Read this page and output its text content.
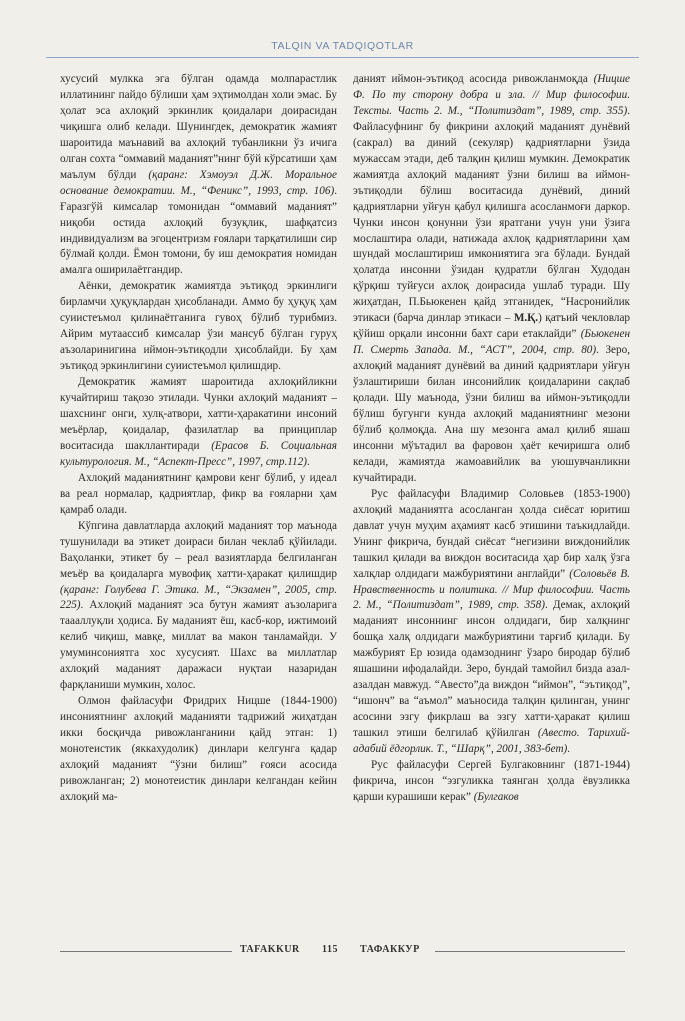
TALQIN VA TADQIQOTLAR

хусусий мулкка эга бўлган одамда молпарастлик иллатининг пайдо бўлиши ҳам эҳтимолдан холи эмас. Бу ҳолат эса ахлоқий эркинлик қоидалари доирасидан чиқишга олиб келади. Шунингдек, демократик жамият шароитида маънавий ва ахлоқий тубанликни ўз ичига олган сохта “оммавий маданият”нинг бўй кўрсатиши ҳам маълум бўлди (қаранг: Хэмоуэл Д.Ж. Моральное основание демократии. М., “Феникс”, 1993, стр. 106). Ғаразгўй кимсалар томонидан “оммавий маданият” ниқоби остида ахлоқий бузуқлик, шафқатсиз индивидуализм ва эгоцентризм ғоялари тарқатилиши сир бўлмай қолди. Ёмон томони, бу иш демократия номидан амалга оширилаётгандир.

Аёнки, демократик жамиятда эътиқод эркинлиги бирламчи ҳуқуқлардан ҳисобланади. Аммо бу ҳуқуқ ҳам суиистеъмол қилинаётганига гувоҳ бўлиб турибмиз. Айрим мутаассиб кимсалар ўзи мансуб бўлган гуруҳ аъзоларинигина иймон-эътиқодли ҳисоблайди. Бу ҳам эътиқод эркинлигини суиистеъмол қилишдир.

Демократик жамият шароитида ахлоқийликни кучайтириш тақозо этилади. Чунки ахлоқий маданият – шахснинг онги, хулқ-атвори, хатти-ҳаракатини инсоний меъёрлар, қоидалар, фазилатлар ва принциплар воситасида шакллантиради (Ерасов Б. Социальная культурология. М., “Аспект-Пресс”, 1997, стр.112).

Ахлоқий маданиятнинг қамрови кенг бўлиб, у идеал ва реал нормалар, қадриятлар, фикр ва ғояларни ҳам қамраб олади.

Кўпгина давлатларда ахлоқий маданият тор маънода тушунилади ва этикет доираси билан чеклаб қўйилади. Ваҳоланки, этикет бу – реал вазиятларда белгиланган меъёр ва қоидаларга мувофиқ хатти-ҳаракат қилишдир (қаранг: Голубева Г. Этика. М., “Экзамен”, 2005, стр. 225). Ахлоқий маданият эса бутун жамият аъзоларига таааллуқли ҳодиса. Бу маданият ёш, касб-кор, ижтимоий келиб чиқиш, мавқе, миллат ва макон танламайди. У умуминсониятга хос хусусият. Шахс ва миллатлар ахлоқий маданият даражаси нуқтаи назаридан фарқланиши мумкин, холос.

Олмон файласуфи Фридрих Ницше (1844-1900) инсониятнинг ахлоқий маданияти тадрижий жиҳатдан икки босқичда ривожланганини қайд этган: 1) монотеистик (яккахудолик) динлари келгунга қадар ахлоқий маданият “ўзни билиш” ғояси асосида ривожланган; 2) монотеистик динлари келгандан кейин ахлоқий ма-

даният иймон-эътиқод асосида ривожланмоқда (Ницше Ф. По ту сторону добра и зла. // Мир философии. Тексты. Часть 2. М., “Политиздат”, 1989, стр. 355). Файласуфнинг бу фикрини ахлоқий маданият дунёвий (сакрал) ва диний (секуляр) қадриятларни ўзида мужассам этади, деб талқин қилиш мумкин. Демократик жамиятда ахлоқий маданият ўзни билиш ва иймон-эътиқодли бўлиш воситасида дунёвий, диний қадриятларни уйғун қабул қилишга асосланмоғи даркор. Чунки инсон қонунни ўзи яратгани учун уни ўзига мослаштира олади, натижада ахлоқ қадриятларини ҳам шундай мослаштириш имкониятига эга бўлади. Бундай ҳолатда инсонни ўзидан қудратли бўлган Худодан қўрқиш туйғуси ахлоқ доирасида ушлаб туради. Шу жиҳатдан, П.Бьюкенен қайд этганидек, “Насронийлик этикаси (барча динлар этикаси – М.Қ.) қатъий чекловлар қўйиш орқали инсонни бахт сари етаклайди” (Бьюкенен П. Смерть Запада. М., “АСТ”, 2004, стр. 80). Зеро, ахлоқий маданият дунёвий ва диний қадриятлари уйғун ўзлаштириши билан инсонийлик қоидаларини сақлаб қолади. Шу маънода, ўзни билиш ва иймон-эътиқодли бўлиш бугунги кунда ахлоқий маданиятнинг мезони бўлиб қолмоқда. Ана шу мезонга амал қилиб яшаш инсонни мўътадил ва фаровон ҳаёт кечиришга олиб келади, жамиятда жамоавийлик ва уюшувчанликни кучайтиради.

Рус файласуфи Владимир Соловьев (1853-1900) ахлоқий маданиятга асосланган ҳолда сиёсат юритиш давлат учун муҳим аҳамият касб этишини таъкидлайди. Унинг фикрича, бундай сиёсат “негизини виждонийлик ташкил қилади ва виждон воситасида ҳар бир халқ ўзга халқлар олдидаги мажбуриятини англайди” (Соловьёв В. Нравственность и политика. // Мир философии. Часть 2. М., “Политиздат”, 1989, стр. 358). Демак, ахлоқий маданият инсоннинг инсон олдидаги, бир халқнинг бошқа халқ олдидаги мажбуриятини тарғиб қилади. Бу мажбурият Ер юзида одамзоднинг ўзаро биродар бўлиб яшашини ифодалайди. Зеро, бундай тамойил бизда азал-азалдан мавжуд. “Авесто”да виждон “иймон”, “эътиқод”, “ишонч” ва “аъмол” маъносида талқин қилинган, унинг асосини эзгу фикрлаш ва эзгу хатти-ҳаракат қилиш ташкил этиши белгилаб қўйилган (Авесто. Тарихий-адабий ёдгорлик. Т., “Шарқ”, 2001, 383-бет).

Рус файласуфи Сергей Булгаковнинг (1871-1944) фикрича, инсон “эзгуликка таянган ҳолда ёвузликка қарши курашиши керак” (Булгаков

TAFAKKUR 115 ТАФАККУР
